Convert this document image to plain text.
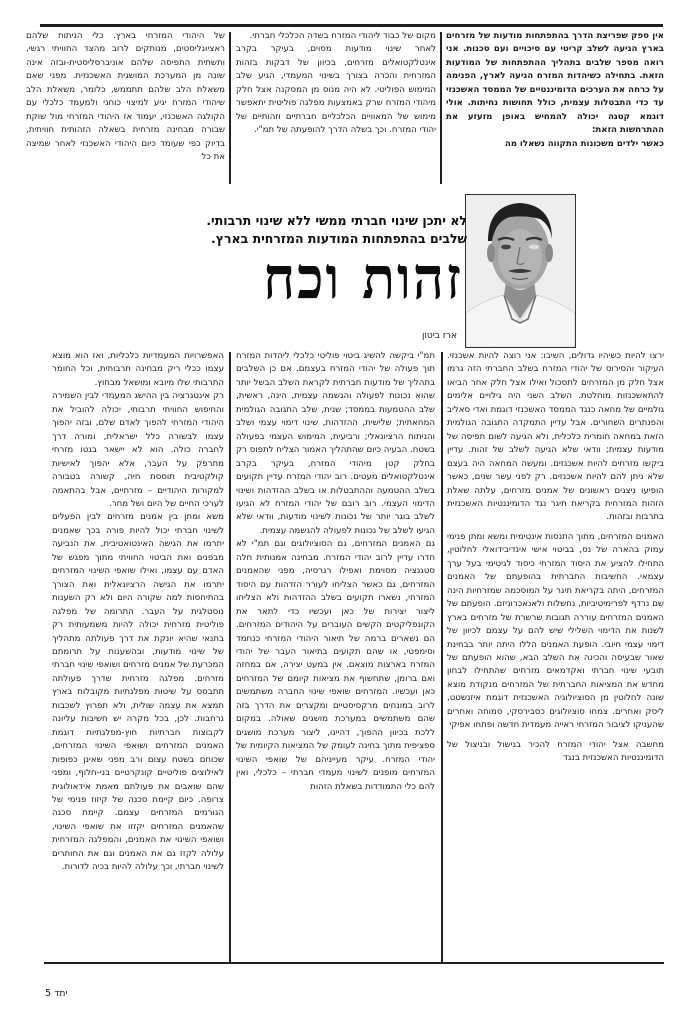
אין ספק שפריצת הדרך בהתפתחות מודעות של מזרחים בארץ הגיעה לשלב קריטי עם סיכויים ועם סכנות. אני רואה מספר שלבים בתהליך ההתפתחות של המודעות הזאת. בתחילה כשיהדות המזרח הגיעה לארץ, הפנימה על כרחה את הערכים הדומיננטיים של הממסד האשכנזי עד כדי התבטלות עצמית, כולל תחושות נחיתות. אולי דוגמא קטנה יכולה להמחיש באופן מזעזע את ההתרחשות הזאת:

כאשר ילדים משכונות התקווה נשאלו מה

מקום של כבוד ליהודי המזרח בשדה הכלכלי חברתי.

לאחר שינוי מודעות מסוים, בעיקר בקרב אינטלקטואלים מזרחים, בכיוון של דבקות בזהות המזרחית והכרה בצורך בשינוי המעמדי, הגיע שלב המימוש הפוליטי. לא היה מנוס מן המסקנה אצל חלק מיהודי המזרח שרק באמצעות מפלגה פוליטית יתאפשר מימוש של המאוויים הכלכליים חברתיים וזהותיים של יהודי המזרח. וכך בשלה הדרך להופעתה של תמ"י.

של היהודי המזרחי בארץ. כלי הניתוח שלהם ראציונליסטים, מנותקים לרוב מהצד החוויתי רגשי, ותשתית התפיסה שלהם אוניברסליסטית-ובזה אינה שונה מן המערכת המושגית האשכנזית. מפני שאם משאלת הלב שלהם תתממש, כלומר, משאלת הלב שיהודי המזרח יגיע למיצוי כוחני ולמעמד כלכלי עם הקולגה האשכנזי, יעמוד אז היהודי המזרחי מול שוקת שבורה מבחינה מזרחית בשאלה הזהותית חוויתית, בדיוק כפי שעומד כיום היהודי האשכנזי לאחר שמיצה את כל

לא יתכן שינוי חברתי ממשי ללא שינוי תרבותי.
שלבים בהתפתחות המודעות המזרחית בארץ.
זהות וכח
ארז ביטון

ירצו להיות כשיהיו גדולים, השיבו: אני רוצה להיות אשכנזי. העיקור והסירוס של יהודי המזרח בשלב החברתי הזה גרמו אצל חלק מן המזרחים לתסכול ואילו אצל חלק אחר הביאו להתאשכנזות מוחלטת. השלב השני היה גילויים אלימים גולמיים של מחאה כנגד הממסד האשכנזי דוגמת ואדי סאליב והפנתרים השחורים. אבל עדיין התמקדה התגובה הגולמית הזאת במחאה חומרית כלכלית, ולא הגיעה לשום תפיסה של מודעות עצמית; וודאי שלא הגיעה לשלב של זהות. עדיין ביקשו מזרחים להיות אשכנזים. ומעשה המחאה היה בעצם שלא ניתן להם להיות אשכנזים. רק לפני עשר שנים, כאשר הופיעו ניצנים ראשונים של אמנים מזרחים, עלתה שאלת הזהות המזרחית בקריאת תיגר נגד הדומיננטיות האשכנזית בתרבות ובזהות.

האמנים המזרחים, מתוך התנסות אינטימית ומשא ומתן פנימי עמוק בהארה של נס, בביטוי אישי אינדיבידואלי לחלוטין, התחילו להציע את היסוד המזרחי כיסוד לגיטימי בעל ערך עצמאי. החשיבות החברתית בהופעתם של האמנים המזרחים, היתה בקריאת תיגר על המוסכמה שמזרחיות הינה שם נרדף לפרימיטיביות, נחשלות ולאנאכרוניזם. הופעתם של האמנים המזרחים עוררה תגובות שרשרת של מזרחים בארץ לשנות את הדימוי השלילי שיש להם על עצמם לכיוון של דימוי עצמי חיובי. הופעת האמנים הללו היתה יותר בבחינת שאור שבעיסה והכינה את השלב הבא, שהוא הופעתם של תובעי שינוי חברתי ואקדמאים מזרחים שהתחילו לבחון מחדש את המציאות החברתית של המזרחים מנקודת מוצא שונה לחלוטין מן הסוציולוגיה האשכנזית דוגמת איזנשטט, ליסק ואחרים. צמחו סוציולוגים כסבירסקי, סמוחה ואחרים שהעניקו לציבור המזרחי ראייה מעמדית חדשה ופתחו אפיקי

מחשבה אצל יהודי המזרח להכיר בנישול ובניצול של הדומיננטיות האשכנזית בנגד

תמ"י ביקשה להשיג ביטוי פוליטי כלכלי ליהדות המזרח תוך פעולה של יהודי המזרח בעצמם. אם כן השלבים בתהליך של מודעות חברתית לקראת השלב הבשל יותר שהוא נכונות לפעולה והגשמה עצמית, הינה, ראשית, שלב ההטמעות בממסד; שנית, שלב התגובה הגולמית המחאתית; שלישית, ההזדהות, שינוי דימוי עצמי ושלב והניתוח הרציונאלי; ורביעית, המימוש העצמי בפעולה בשטח. הבעיה כיום שהתהליך האמור הצליח לתפוס רק בחלק קטן מיהודי המזרח, בעיקר בקרב אינטלקטואלים מעטים. רוב יהודי המזרח עדיין תקועים בשלב ההטמעה וההתבטלות או בשלב ההזדהות ושינוי הדימוי העצמי. רוב רובם של יהודי המזרח לא הגיעו לשלב בוגר יותר של נכונות לשינוי מודעות, וודאי שלא הגיעו לשלב של נכונות לפעולה להגשמה עצמית.

גם האמנים המזרחים, גם הסוציולוגים וגם תמ"י לא חדרו עדיין לרוב יהודי המזרח. מבחינה אמנותית חלה סטגנציה מסוימת ואפילו רגרסיה, מפני שהאמנים המזרחים, גם כאשר הצליחו לעורר הזדהות עם היסוד המזרחי, נשארו תקועים בשלב ההזדהות ולא הצליחו ליצור יצירות של כאן ועכשיו כדי לתאר את הקונפליקטים הקשים העוברים על היהודים המזרחים. הם נשארים ברמה של תיאור היהודי המזרחי כנחמד וסימפטי, או שהם תקועים בתיאור העבר של יהודי המזרח בארצות מוצאם. אין במעט יצירה, אם במחזה ואם ברומן, שתחשוף את מציאות קיומם של המזרחים כאן ועכשיו. המזרחים שואפי שינוי החברה משתמשים לרוב במונחים מרקסיסטיים ומקצרים את הדרך בזה שהם משתמשים במערכת מושגים שאולה. במקום ללכת בכיוון ההפוך, דהיינו, ליצור מערכת מושגים ספציפית מתוך בחינה לעומק של המציאות הקיומית של יהודי המזרח. עיקר מעייניהם של שואפי השינוי המזרחים מופנים לשינוי מעמדי חברתי – כלכלי, ואין להם כלי התמודדות בשאלת הזהות

האפשרויות המעמדיות כלכליות, ואז הוא מוצא עצמו ככלי ריק מבחינה תרבותית, וכל החומר התרבותי שלו מיובא ומושאל מבחוץ.

רק אינטגרציה בין ההישג המעמדי לבין השמירה והחיפוש החוויתי תרבותי, יכולה להוביל את היהודי המזרחי להפוך לאדם שלם, ובזה יהפוך עצמו לבשורה כלל ישראלית, ומורה דרך לחברה כולה. הוא לא יישאר בגטו מזרחי מתרפק על העבר, אלא יהפוך לאישיות קולקטיבית תוססת חיה, קשורה בטבורה למקורות היהודיים – מזרחיים, אבל בהתאמה לערכי החיים של היום ושל מחר.

משא ומתן בין אמנים מזרחים לבין הפעלים לשינוי חברתי יכול להיות פורה בכך שאמנים יתרמו את הגישה האינטואטיבית, את הנביעה מבפנים ואת הביטוי החוויתי מתוך מפגש של האדם עם עצמו, ואילו שואפי השינוי המזרחים יתרמו את הגישה הרציונאלית ואת הצורך בהתיחסות למה שקורה היום ולא רק השענות נוסטלגית על העבר. התרומה של מפלגה פוליטית מזרחית יכולה להיות משמעותית רק בתנאי שהיא יונקת את דרך פעולתה מתהליך של שינוי מודעות, ובהשענות על תרומתם המכרעת של אמנים מזרחים ושואפי שינוי חברתי מזרחים. מפלגה מזרחית שדרך פעולתה תתבסס על שיטות מפלגתיות מקובלות בארץ תמצא את עצמה שולית, ולא תפרוץ לשכבות נרחבות. לכן, בכל מקרה יש חשיבות עליונה לקבוצות חברתיות חוץ-מפלגתיות דוגמת האמנים המזרחים ושואפי השינוי המזרחים, שכוחם בשטח עצום ורב מפני שאינן כפופות לאילוצים פוליטיים קונקרטיים בני-חלוף, ומפני שהם שואבים את פעולתם מאמת אידאולוגית צרופה. כיום קיימת סכנה של קיזוז פנימי של הגורמים המזרחים עצמם. קיימת סכנה שהאמנים המזרחים יקזזו את שואפי השינוי, ושואפי השינוי את האמנים, והמפלגה המזרחית עלולה לקזז גם את האמנים וגם את החותרים לשינוי חברתי, וכך עלולה להיות בכיה לדורות.

יתד 5
